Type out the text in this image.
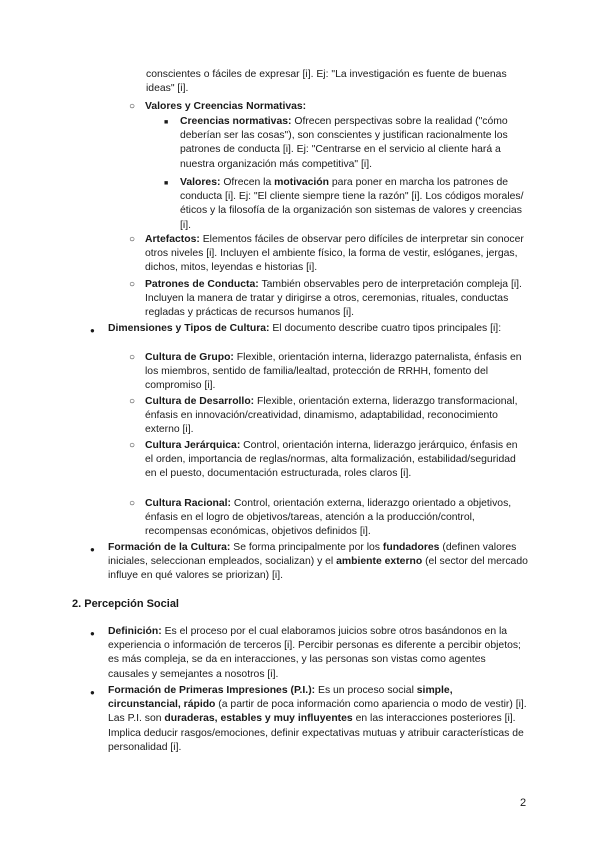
conscientes o fáciles de expresar [i]. Ej: "La investigación es fuente de buenas ideas" [i].

○ Valores y Creencias Normativas:
■ Creencias normativas: Ofrecen perspectivas sobre la realidad ("cómo deberían ser las cosas"), son conscientes y justifican racionalmente los patrones de conducta [i]. Ej: "Centrarse en el servicio al cliente hará a nuestra organización más competitiva" [i].

■ Valores: Ofrecen la motivación para poner en marcha los patrones de conducta [i]. Ej: "El cliente siempre tiene la razón" [i]. Los códigos morales/éticos y la filosofía de la organización son sistemas de valores y creencias [i].

○ Artefactos: Elementos fáciles de observar pero difíciles de interpretar sin conocer otros niveles [i]. Incluyen el ambiente físico, la forma de vestir, eslóganes, jergas, dichos, mitos, leyendas e historias [i].

○ Patrones de Conducta: También observables pero de interpretación compleja [i]. Incluyen la manera de tratar y dirigirse a otros, ceremonias, rituales, conductas regladas y prácticas de recursos humanos [i].

● Dimensiones y Tipos de Cultura: El documento describe cuatro tipos principales [i]:

○ Cultura de Grupo: Flexible, orientación interna, liderazgo paternalista, énfasis en los miembros, sentido de familia/lealtad, protección de RRHH, fomento del compromiso [i].

○ Cultura de Desarrollo: Flexible, orientación externa, liderazgo transformacional, énfasis en innovación/creatividad, dinamismo, adaptabilidad, reconocimiento externo [i].

○ Cultura Jerárquica: Control, orientación interna, liderazgo jerárquico, énfasis en el orden, importancia de reglas/normas, alta formalización, estabilidad/seguridad en el puesto, documentación estructurada, roles claros [i].

○ Cultura Racional: Control, orientación externa, liderazgo orientado a objetivos, énfasis en el logro de objetivos/tareas, atención a la producción/control, recompensas económicas, objetivos definidos [i].

● Formación de la Cultura: Se forma principalmente por los fundadores (definen valores iniciales, seleccionan empleados, socializan) y el ambiente externo (el sector del mercado influye en qué valores se priorizan) [i].

2. Percepción Social
● Definición: Es el proceso por el cual elaboramos juicios sobre otros basándonos en la experiencia o información de terceros [i]. Percibir personas es diferente a percibir objetos; es más compleja, se da en interacciones, y las personas son vistas como agentes causales y semejantes a nosotros [i].

● Formación de Primeras Impresiones (P.I.): Es un proceso social simple, circunstancial, rápido (a partir de poca información como apariencia o modo de vestir) [i]. Las P.I. son duraderas, estables y muy influyentes en las interacciones posteriores [i]. Implica deducir rasgos/emociones, definir expectativas mutuas y atribuir características de personalidad [i].

2
